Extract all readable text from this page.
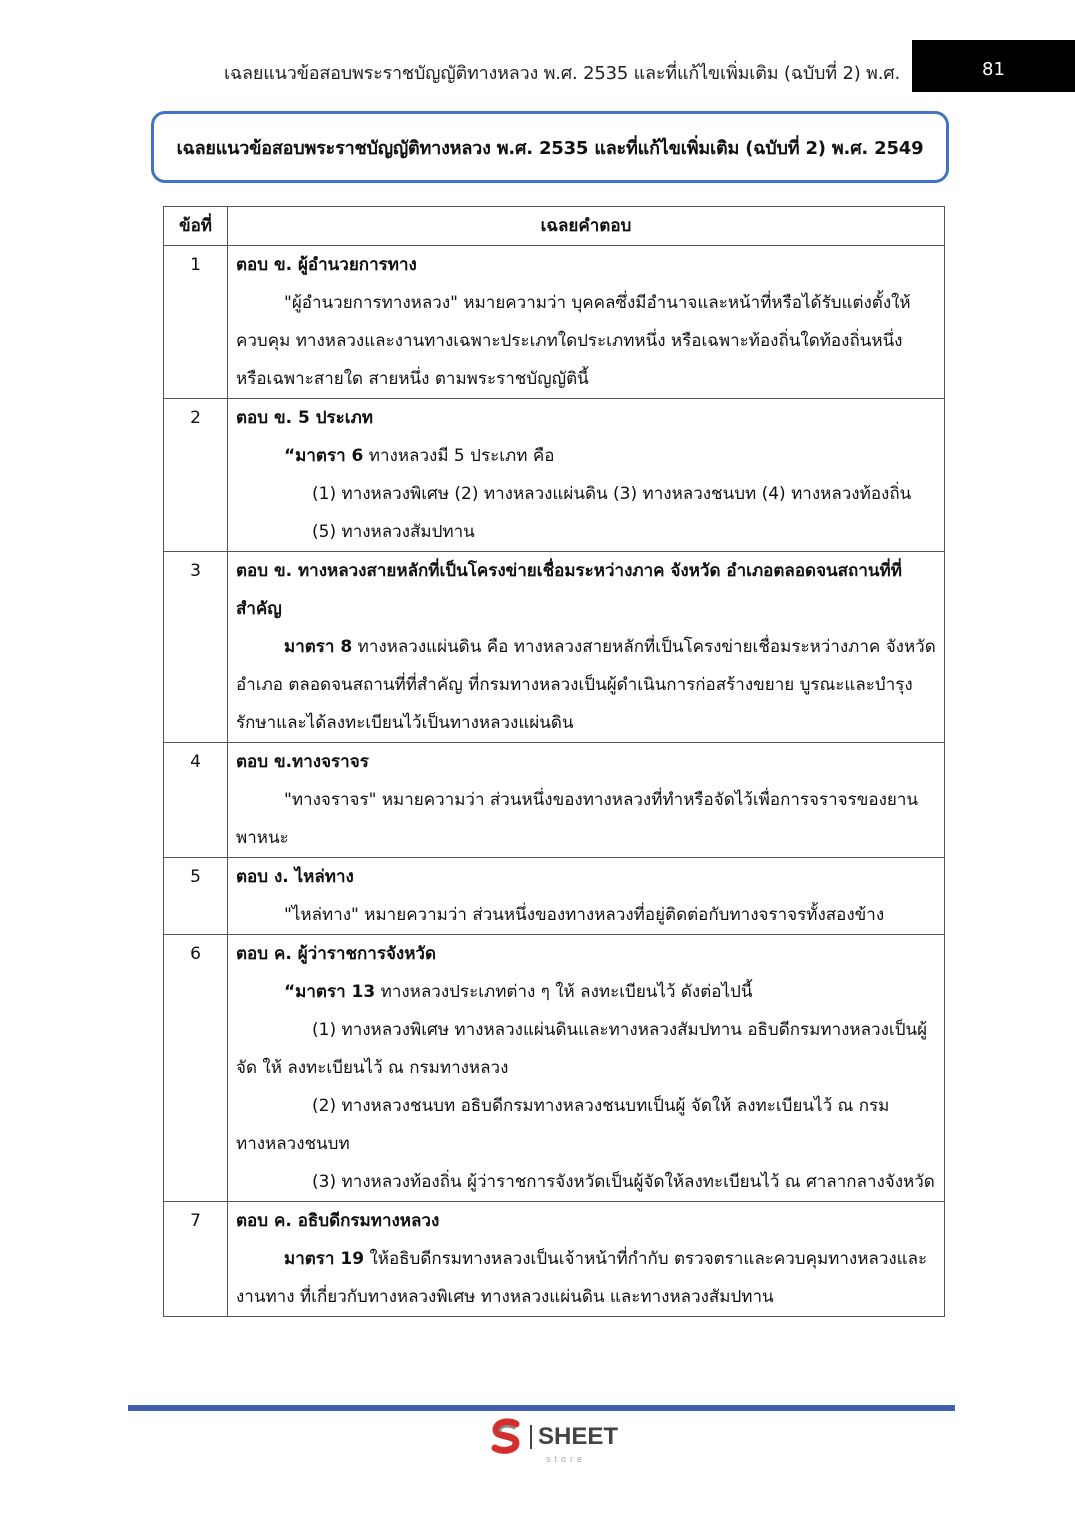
เฉลยแนวข้อสอบพระราชบัญญัติทางหลวง พ.ศ. 2535 และที่แก้ไขเพิ่มเติม (ฉบับที่ 2) พ.ศ.	81
เฉลยแนวข้อสอบพระราชบัญญัติทางหลวง พ.ศ. 2535 และที่แก้ไขเพิ่มเติม (ฉบับที่ 2) พ.ศ. 2549
ข้อที่	เฉลยคำตอบ
1	ตอบ ข. ผู้อำนวยการทาง

"ผู้อำนวยการทางหลวง" หมายความว่า บุคคลซึ่งมีอำนาจและหน้าที่หรือได้รับแต่งตั้งให้ควบคุม ทางหลวงและงานทางเฉพาะประเภทใดประเภทหนึ่ง หรือเฉพาะท้องถิ่นใดท้องถิ่นหนึ่ง หรือเฉพาะสายใด สายหนึ่ง ตามพระราชบัญญัตินี้

2	ตอบ ข. 5 ประเภท

“มาตรา 6 ทางหลวงมี 5 ประเภท คือ

(1) ทางหลวงพิเศษ (2) ทางหลวงแผ่นดิน (3) ทางหลวงชนบท (4) ทางหลวงท้องถิ่น (5) ทางหลวงสัมปทาน

3	ตอบ ข. ทางหลวงสายหลักที่เป็นโครงข่ายเชื่อมระหว่างภาค จังหวัด อำเภอตลอดจนสถานที่ที่สำคัญ

มาตรา 8 ทางหลวงแผ่นดิน คือ ทางหลวงสายหลักที่เป็นโครงข่ายเชื่อมระหว่างภาค จังหวัดอำเภอ ตลอดจนสถานที่ที่สำคัญ ที่กรมทางหลวงเป็นผู้ดำเนินการก่อสร้างขยาย บูรณะและบำรุงรักษาและได้ลงทะเบียนไว้เป็นทางหลวงแผ่นดิน

4	ตอบ ข.ทางจราจร

"ทางจราจร" หมายความว่า ส่วนหนึ่งของทางหลวงที่ทำหรือจัดไว้เพื่อการจราจรของยานพาหนะ

5	ตอบ ง. ไหล่ทาง

"ไหล่ทาง" หมายความว่า ส่วนหนึ่งของทางหลวงที่อยู่ติดต่อกับทางจราจรทั้งสองข้าง

6	ตอบ ค. ผู้ว่าราชการจังหวัด

“มาตรา 13 ทางหลวงประเภทต่าง ๆ ให้ ลงทะเบียนไว้ ดังต่อไปนี้

(1) ทางหลวงพิเศษ ทางหลวงแผ่นดินและทางหลวงสัมปทาน อธิบดีกรมทางหลวงเป็นผู้จัด ให้ ลงทะเบียนไว้ ณ กรมทางหลวง

(2) ทางหลวงชนบท อธิบดีกรมทางหลวงชนบทเป็นผู้ จัดให้ ลงทะเบียนไว้ ณ กรมทางหลวงชนบท

(3) ทางหลวงท้องถิ่น ผู้ว่าราชการจังหวัดเป็นผู้จัดให้ลงทะเบียนไว้ ณ ศาลากลางจังหวัด

7	ตอบ ค. อธิบดีกรมทางหลวง

มาตรา 19 ให้อธิบดีกรมทางหลวงเป็นเจ้าหน้าที่กำกับ ตรวจตราและควบคุมทางหลวงและงานทาง ที่เกี่ยวกับทางหลวงพิเศษ ทางหลวงแผ่นดิน และทางหลวงสัมปทาน

SHEET
store
